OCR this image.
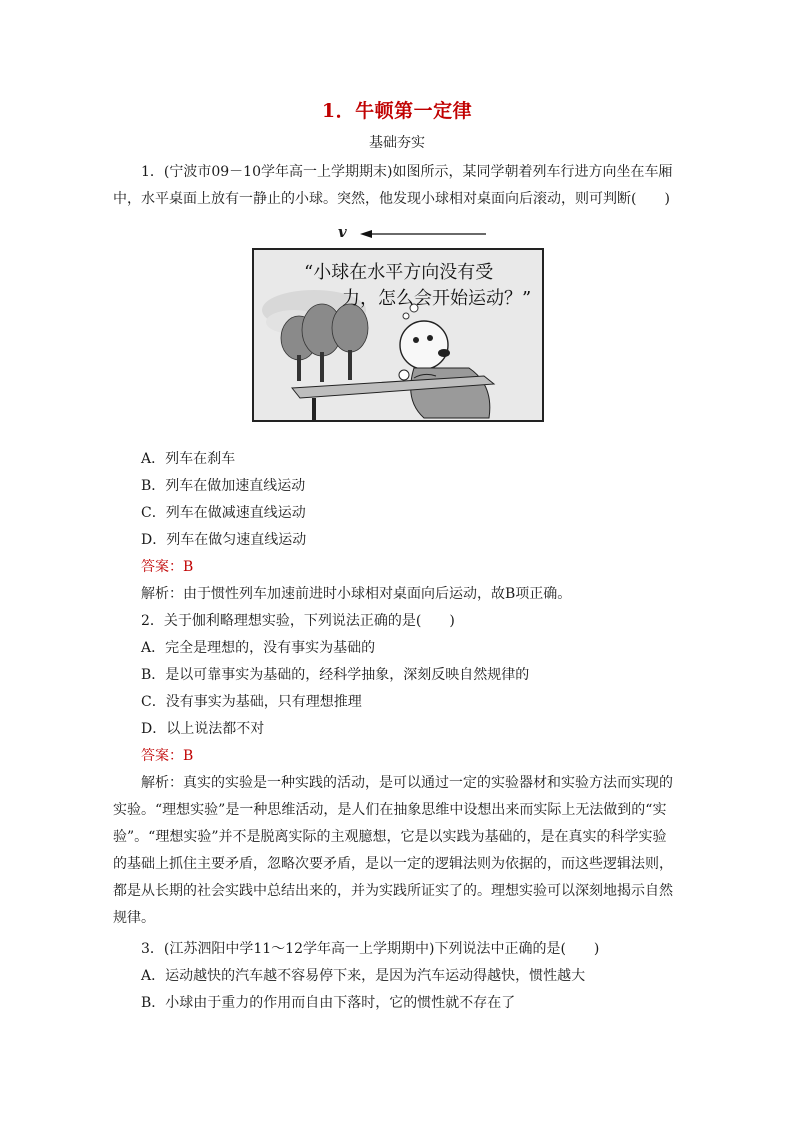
1．牛顿第一定律
基础夯实
1．(宁波市09－10学年高一上学期期末)如图所示，某同学朝着列车行进方向坐在车厢
中，水平桌面上放有一静止的小球。突然，他发现小球相对桌面向后滚动，则可判断(　　)
v
“小球在水平方向没有受
力，怎么会开始运动？”
A．列车在刹车
B．列车在做加速直线运动
C．列车在做减速直线运动
D．列车在做匀速直线运动
答案：B
解析：由于惯性列车加速前进时小球相对桌面向后运动，故B项正确。
2．关于伽利略理想实验，下列说法正确的是(　　)
A．完全是理想的，没有事实为基础的
B．是以可靠事实为基础的，经科学抽象，深刻反映自然规律的
C．没有事实为基础，只有理想推理
D．以上说法都不对
答案：B
解析：真实的实验是一种实践的活动，是可以通过一定的实验器材和实验方法而实现的
实验。“理想实验”是一种思维活动，是人们在抽象思维中设想出来而实际上无法做到的“实
验”。“理想实验”并不是脱离实际的主观臆想，它是以实践为基础的，是在真实的科学实验
的基础上抓住主要矛盾，忽略次要矛盾，是以一定的逻辑法则为依据的，而这些逻辑法则，
都是从长期的社会实践中总结出来的，并为实践所证实了的。理想实验可以深刻地揭示自然
规律。
3．(江苏泗阳中学11～12学年高一上学期期中)下列说法中正确的是(　　)
A．运动越快的汽车越不容易停下来，是因为汽车运动得越快，惯性越大
B．小球由于重力的作用而自由下落时，它的惯性就不存在了
